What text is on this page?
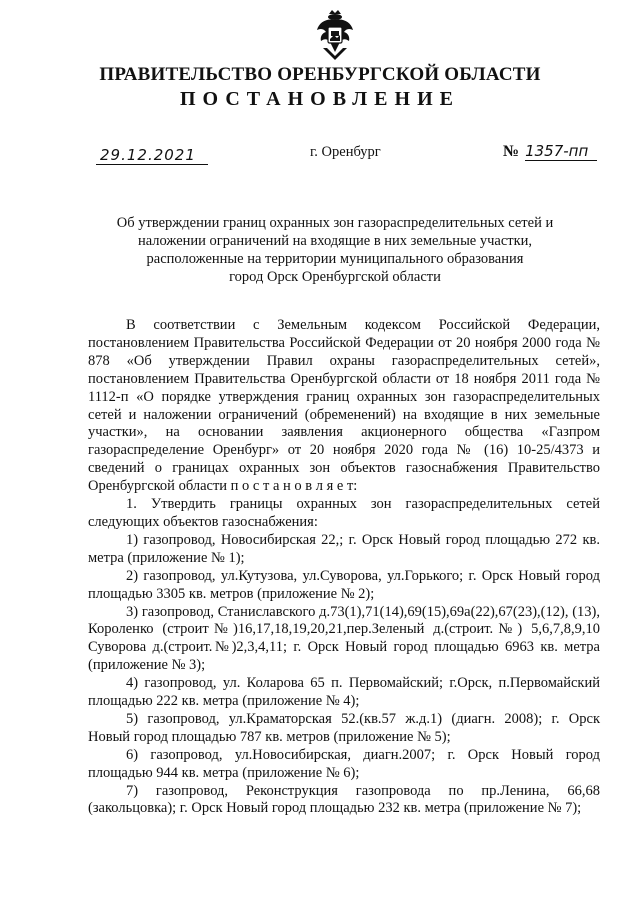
ПРАВИТЕЛЬСТВО ОРЕНБУРГСКОЙ ОБЛАСТИ
ПОСТАНОВЛЕНИЕ
29.12.2021	г. Оренбург	№ 1357-пп
Об утверждении границ охранных зон газораспределительных сетей и
наложении ограничений на входящие в них земельные участки,
расположенные на территории муниципального образования
город Орск Оренбургской области

В соответствии с Земельным кодексом Российской Федерации, постановлением Правительства Российской Федерации от 20 ноября 2000 года № 878 «Об утверждении Правил охраны газораспределительных сетей», постановлением Правительства Оренбургской области от 18 ноября 2011 года № 1112-п «О порядке утверждения границ охранных зон газораспределительных сетей и наложении ограничений (обременений) на входящие в них земельные участки», на основании заявления акционерного общества «Газпром газораспределение Оренбург» от 20 ноября 2020 года № (16) 10-25/4373 и сведений о границах охранных зон объектов газоснабжения Правительство Оренбургской области п о с т а н о в л я е т:

1. Утвердить границы охранных зон газораспределительных сетей следующих объектов газоснабжения:

1) газопровод, Новосибирская 22,; г. Орск Новый город площадью 272 кв. метра (приложение № 1);

2) газопровод, ул.Кутузова, ул.Суворова, ул.Горького; г. Орск Новый город площадью 3305 кв. метров (приложение № 2);

3) газопровод, Станиславского д.73(1),71(14),69(15),69а(22),67(23),(12), (13), Короленко (строит№)16,17,18,19,20,21,пер.Зеленый д.(строит.№) 5,6,7,8,9,10 Суворова д.(строит.№)2,3,4,11; г. Орск Новый город площадью 6963 кв. метра (приложение № 3);

4) газопровод, ул. Коларова 65 п. Первомайский; г.Орск, п.Первомайский площадью 222 кв. метра (приложение № 4);

5) газопровод, ул.Краматорская 52.(кв.57 ж.д.1) (диагн. 2008); г. Орск Новый город площадью 787 кв. метров (приложение № 5);

6) газопровод, ул.Новосибирская, диагн.2007; г. Орск Новый город площадью 944 кв. метра (приложение № 6);

7) газопровод, Реконструкция газопровода по пр.Ленина, 66,68 (закольцовка); г. Орск Новый город площадью 232 кв. метра (приложение № 7);
